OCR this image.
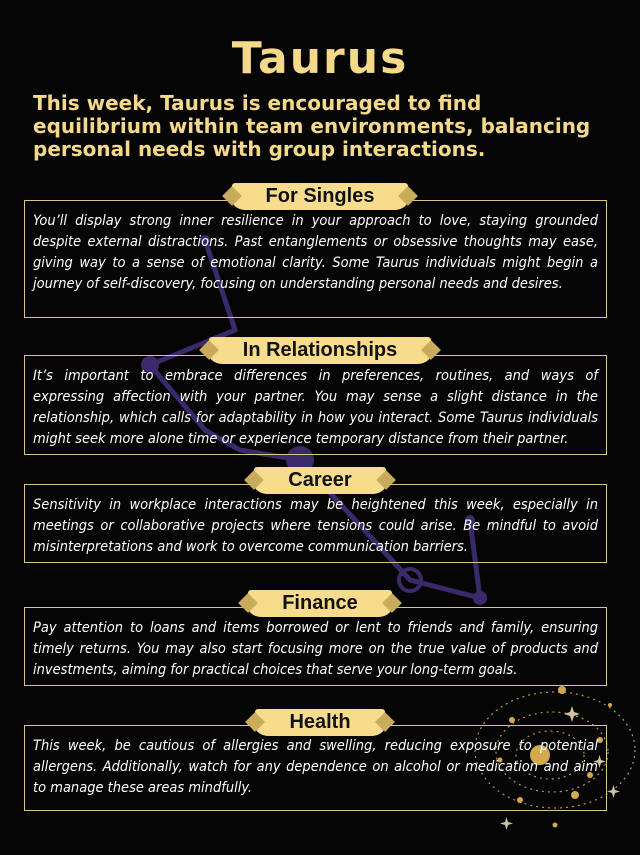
Taurus
This week, Taurus is encouraged to find equilibrium within team environments, balancing personal needs with group interactions.

You’ll display strong inner resilience in your approach to love, staying grounded despite external distractions. Past entanglements or obsessive thoughts may ease, giving way to a sense of emotional clarity. Some Taurus individuals might begin a journey of self-discovery, focusing on understanding personal needs and desires.

For Singles

It’s important to embrace differences in preferences, routines, and ways of expressing affection with your partner. You may sense a slight distance in the relationship, which calls for adaptability in how you interact. Some Taurus individuals might seek more alone time or experience temporary distance from their partner.

In Relationships

Sensitivity in workplace interactions may be heightened this week, especially in meetings or collaborative projects where tensions could arise. Be mindful to avoid misinterpretations and work to overcome communication barriers.

Career

Pay attention to loans and items borrowed or lent to friends and family, ensuring timely returns. You may also start focusing more on the true value of products and investments, aiming for practical choices that serve your long-term goals.

Finance

This week, be cautious of allergies and swelling, reducing exposure to potential allergens. Additionally, watch for any dependence on alcohol or medication and aim to manage these areas mindfully.

Health
